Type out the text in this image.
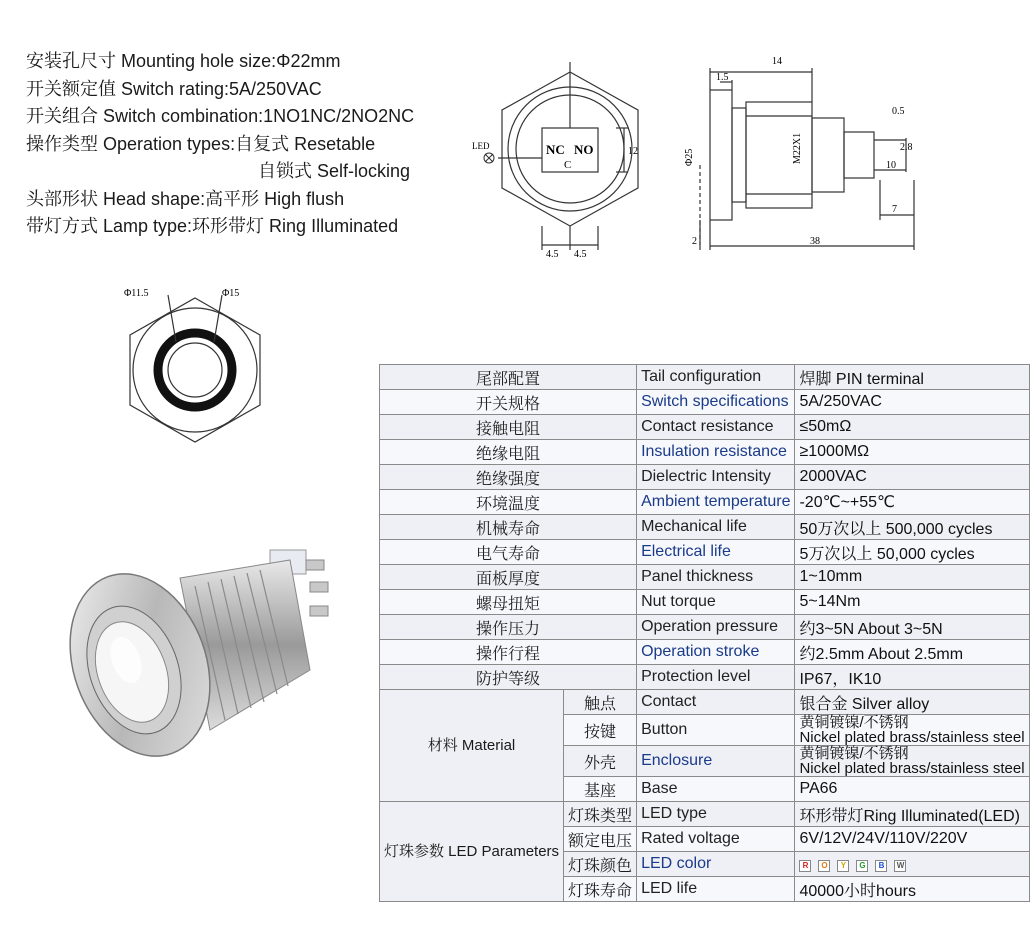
安装孔尺寸 Mounting hole size:Φ22mm
开关额定值 Switch rating:5A/250VAC
开关组合 Switch combination:1NO1NC/2NO2NC
操作类型 Operation types:自复式 Resetable
自锁式 Self-locking
头部形状 Head shape:高平形 High flush
带灯方式 Lamp type:环形带灯 Ring Illuminated
LED	NC NO
C
12
4.5 4.5
14
1.5
0.5
2.8
10
7
2	38
Φ25	M22X1
Φ11.5	Φ15
尾部配置		Tail configuration	焊脚 PIN terminal
开关规格		Switch specifications	5A/250VAC
接触电阻		Contact resistance	≤50mΩ
绝缘电阻		Insulation resistance	≥1000MΩ
绝缘强度		Dielectric Intensity	2000VAC
环境温度		Ambient temperature	-20℃~+55℃
机械寿命		Mechanical life	50万次以上 500,000 cycles
电气寿命		Electrical life	5万次以上 50,000 cycles
面板厚度		Panel thickness	1~10mm
螺母扭矩		Nut torque	5~14Nm
操作压力		Operation pressure	约3~5N About 3~5N
操作行程		Operation stroke	约2.5mm About 2.5mm
防护等级		Protection level	IP67，IK10
材料 Material	触点	Contact	银合金 Silver alloy
	按键	Button	黄铜镀镍/不锈钢
Nickel plated brass/stainless steel

	外壳	Enclosure	黄铜镀镍/不锈钢
Nickel plated brass/stainless steel

	基座	Base	PA66
灯珠参数 LED Parameters	灯珠类型	LED type	环形带灯Ring Illuminated(LED)
	额定电压	Rated voltage	6V/12V/24V/110V/220V
	灯珠颜色	LED color	R O Y G B W
	灯珠寿命	LED life	40000小时hours
